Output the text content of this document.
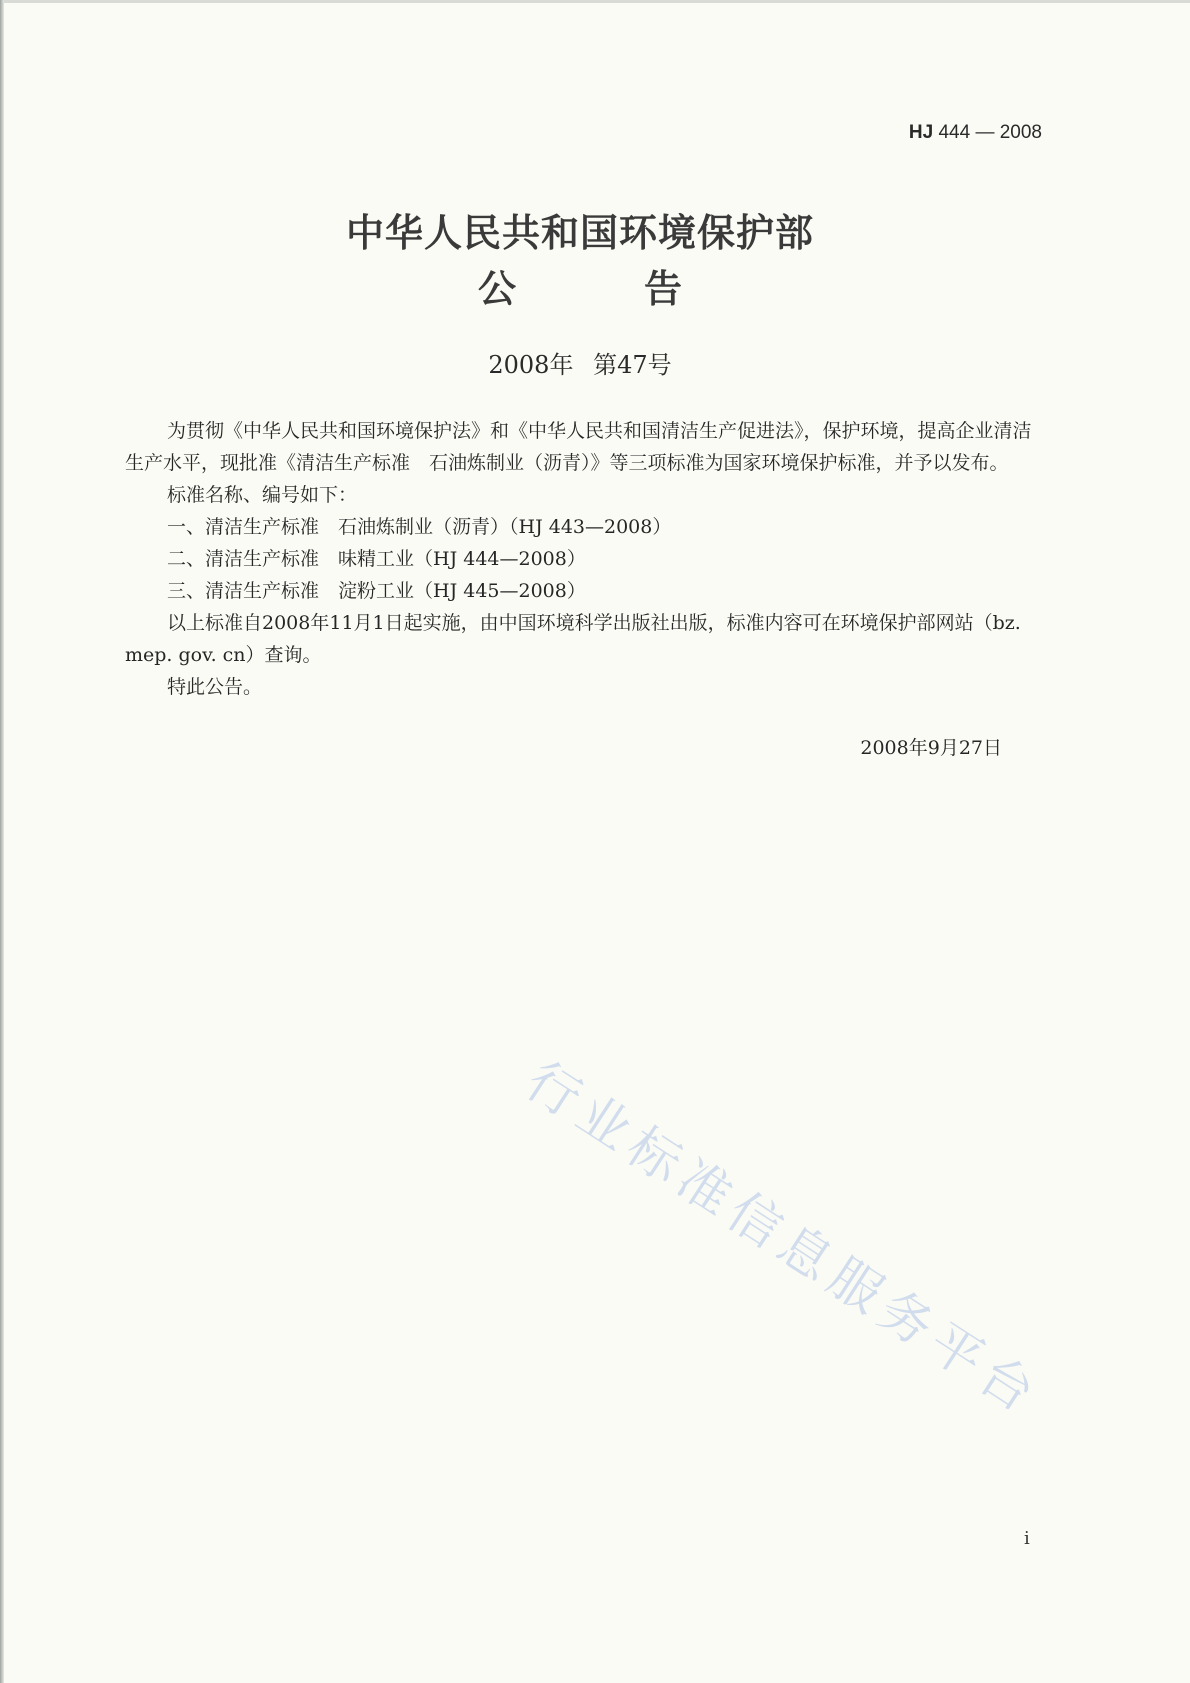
HJ 444 — 2008
中华人民共和国环境保护部
公告
2008年 第47号

为贯彻《中华人民共和国环境保护法》和《中华人民共和国清洁生产促进法》，保护环境，提高企业清洁生产水平，现批准《清洁生产标准　石油炼制业（沥青）》等三项标准为国家环境保护标准，并予以发布。

标准名称、编号如下：

一、清洁生产标准　石油炼制业（沥青）（HJ 443—2008）

二、清洁生产标准　味精工业（HJ 444—2008）

三、清洁生产标准　淀粉工业（HJ 445—2008）

以上标准自2008年11月1日起实施，由中国环境科学出版社出版，标准内容可在环境保护部网站（bz. mep. gov. cn）查询。

特此公告。

2008年9月27日
行业标准信息服务平台
i
